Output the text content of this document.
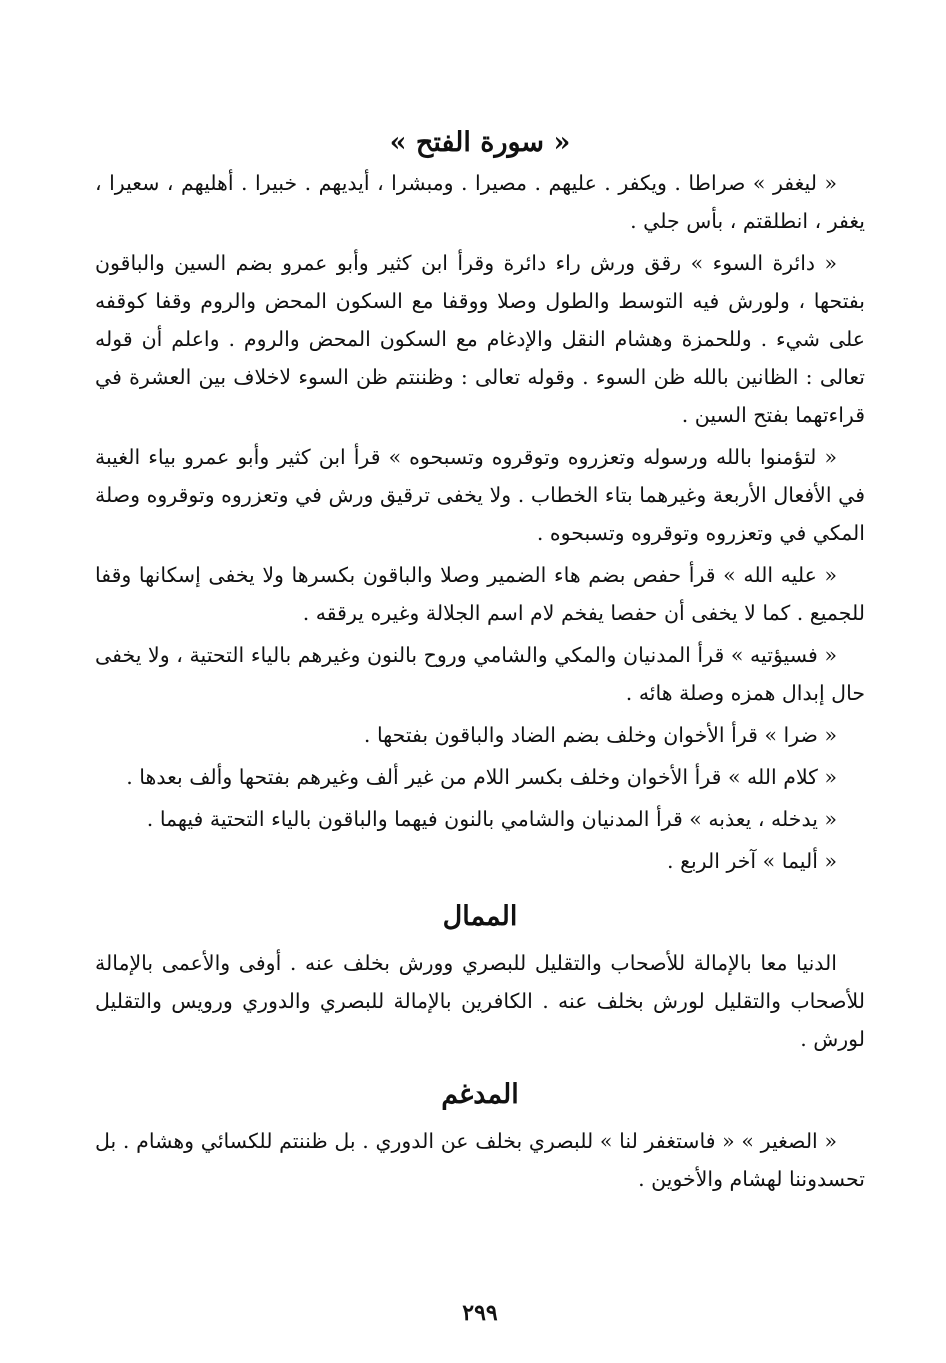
« سورة الفتح »

« ليغفر » صراطا . ويكفر . عليهم . مصيرا . ومبشرا ، أيديهم . خبيرا . أهليهم ، سعيرا ، يغفر ، انطلقتم ، بأس جلي .

« دائرة السوء » رقق ورش راء دائرة وقرأ ابن كثير وأبو عمرو بضم السين والباقون بفتحها ، ولورش فيه التوسط والطول وصلا ووقفا مع السكون المحض والروم وقفا كوقفه على شيء . وللحمزة وهشام النقل والإدغام مع السكون المحض والروم . واعلم أن قوله تعالى : الظانين بالله ظن السوء . وقوله تعالى : وظننتم ظن السوء لاخلاف بين العشرة في قراءتهما بفتح السين .

« لتؤمنوا بالله ورسوله وتعزروه وتوقروه وتسبحوه » قرأ ابن كثير وأبو عمرو بياء الغيبة في الأفعال الأربعة وغيرهما بتاء الخطاب . ولا يخفى ترقيق ورش في وتعزروه وتوقروه وصلة المكي في وتعزروه وتوقروه وتسبحوه .

« عليه الله » قرأ حفص بضم هاء الضمير وصلا والباقون بكسرها ولا يخفى إسكانها وقفا للجميع . كما لا يخفى أن حفصا يفخم لام اسم الجلالة وغيره يرققه .

« فسيؤتيه » قرأ المدنيان والمكي والشامي وروح بالنون وغيرهم بالياء التحتية ، ولا يخفى حال إبدال همزه وصلة هائه .

« ضرا » قرأ الأخوان وخلف بضم الضاد والباقون بفتحها .

« كلام الله » قرأ الأخوان وخلف بكسر اللام من غير ألف وغيرهم بفتحها وألف بعدها .

« يدخله ، يعذبه » قرأ المدنيان والشامي بالنون فيهما والباقون بالياء التحتية فيهما .

« أليما » آخر الربع .

الممال

الدنيا معا بالإمالة للأصحاب والتقليل للبصري وورش بخلف عنه . أوفى والأعمى بالإمالة للأصحاب والتقليل لورش بخلف عنه . الكافرين بالإمالة للبصري والدوري ورويس والتقليل لورش .

المدغم

« الصغير » « فاستغفر لنا » للبصري بخلف عن الدوري . بل ظننتم للكسائي وهشام . بل تحسدوننا لهشام والأخوين .

٢٩٩
